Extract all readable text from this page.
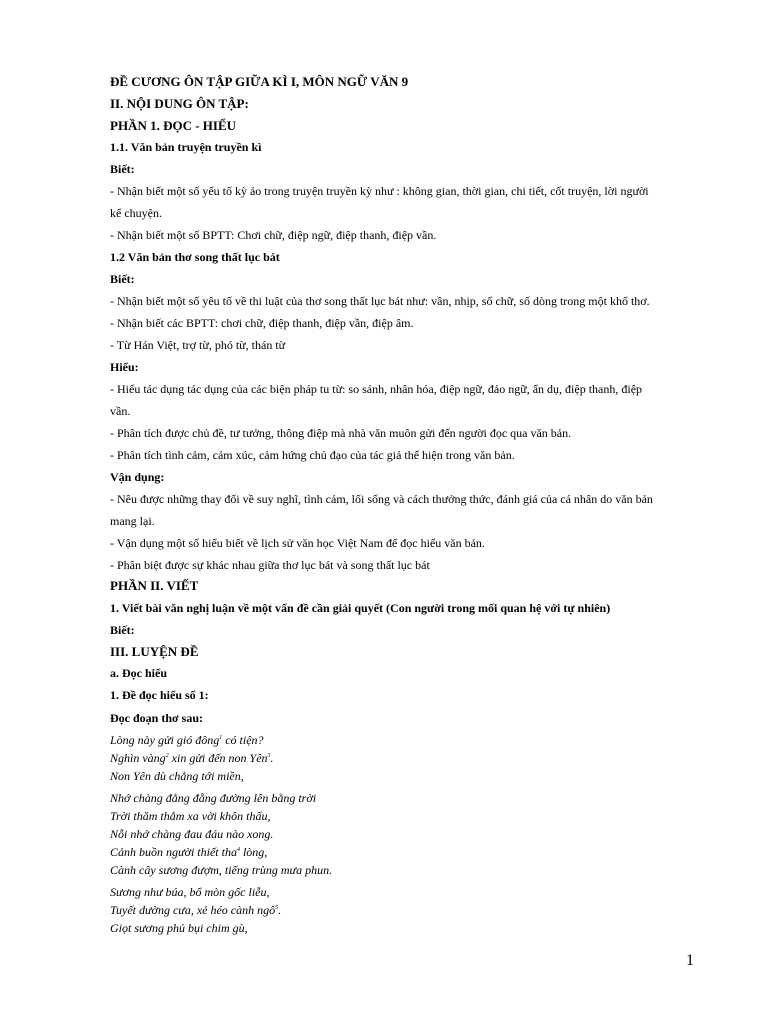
ĐỀ CƯƠNG ÔN TẬP GIỮA KÌ I, MÔN NGỮ VĂN 9

II. NỘI DUNG ÔN TẬP:

PHẦN 1. ĐỌC - HIỂU

1.1. Văn bản truyện truyền kì

Biết:

- Nhận biết một số yếu tố kỳ ảo trong truyện truyền kỳ như : không gian, thời gian, chi tiết, cốt truyện, lời người

kể chuyện.

- Nhận biết một số BPTT: Chơi chữ, điệp ngữ, điệp thanh, điệp vần.

1.2 Văn bản thơ song thất lục bát

Biết:

- Nhận biết một số yêu tố về thi luật của thơ song thất lục bát như: vần, nhịp, số chữ, số dòng trong một khổ thơ.

- Nhận biết các BPTT: chơi chữ, điệp thanh, điệp vần, điệp âm.

- Từ Hán Việt, trợ từ, phó từ, thán từ

Hiểu:

- Hiểu tác dụng tác dụng của các biện pháp tu từ: so sánh, nhân hóa, điệp ngữ, đảo ngữ, ẩn dụ, điệp thanh, điệp

vần.

- Phân tích được chủ đề, tư tưởng, thông điệp mà nhà văn muôn gửi đến người đọc qua văn bản.

- Phân tích tình cảm, cảm xúc, cảm hứng chủ đạo của tác giả thể hiện trong văn bản.

Vận dụng:

- Nêu được những thay đổi về suy nghĩ, tình cảm, lối sống và cách thưởng thức, đánh giá của cá nhân do văn bản

mang lại.

- Vận dụng một số hiểu biết về lịch sử văn học Việt Nam để đọc hiểu văn bản.

- Phân biệt được sự khác nhau giữa thơ lục bát và song thất lục bát

PHẦN II. VIẾT

1. Viết bài văn nghị luận về một vấn đề cần giải quyết (Con người trong mối quan hệ với tự nhiên)

Biết:

III. LUYỆN ĐỀ

a. Đọc hiểu

1. Đề đọc hiểu số 1:

Đọc đoạn thơ sau:

Lòng này gửi gió đông$^1$ có tiện?

Nghìn vàng$^2$ xin gửi đến non Yên$^3$.

Non Yên dù chẳng tới miền,

Nhớ chàng đằng đẵng đường lên bằng trời

Trời thăm thẳm xa vời khôn thấu,

Nỗi nhớ chàng đau đáu nào xong.

Cảnh buồn người thiết tha$^4$ lòng,

Cành cây sương đượm, tiếng trùng mưa phun.

Sương như búa, bổ mòn gốc liễu,

Tuyết dường cưa, xẻ héo cành ngô$^5$.

Giọt sương phủ bụi chim gù,

1
